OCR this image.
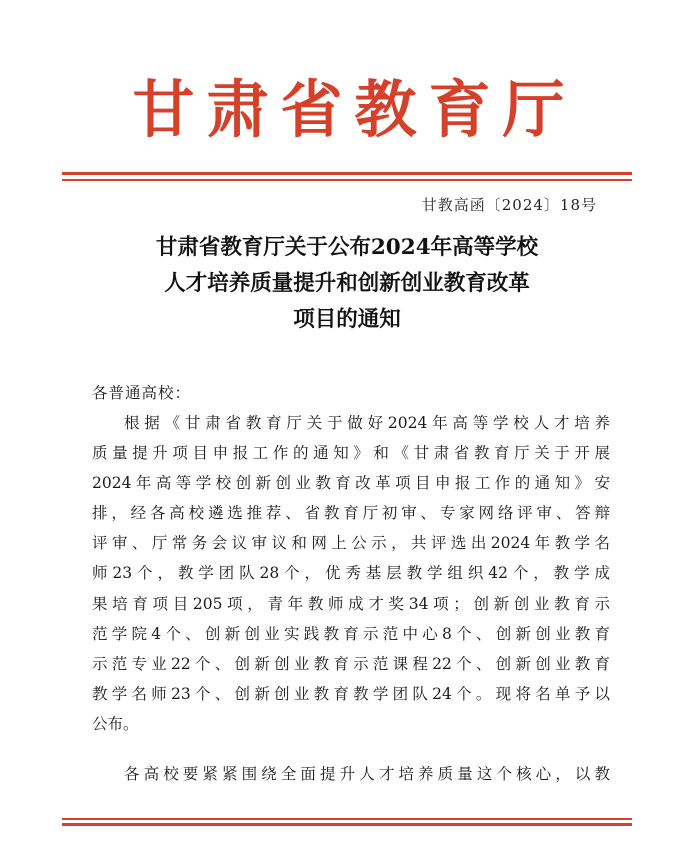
甘肃省教育厅
甘教高函〔2024〕18号
甘肃省教育厅关于公布2024年高等学校
人才培养质量提升和创新创业教育改革
项目的通知
各普通高校：
根据《甘肃省教育厅关于做好2024年高等学校人才培养
质量提升项目申报工作的通知》和《甘肃省教育厅关于开展
2024年高等学校创新创业教育改革项目申报工作的通知》安
排，经各高校遴选推荐、省教育厅初审、专家网络评审、答辩
评审、厅常务会议审议和网上公示，共评选出2024年教学名
师23个，教学团队28个，优秀基层教学组织42个，教学成
果培育项目205项，青年教师成才奖34项；创新创业教育示
范学院4个、创新创业实践教育示范中心8个、创新创业教育
示范专业22个、创新创业教育示范课程22个、创新创业教育
教学名师23个、创新创业教育教学团队24个。现将名单予以
公布。
各高校要紧紧围绕全面提升人才培养质量这个核心，以教
